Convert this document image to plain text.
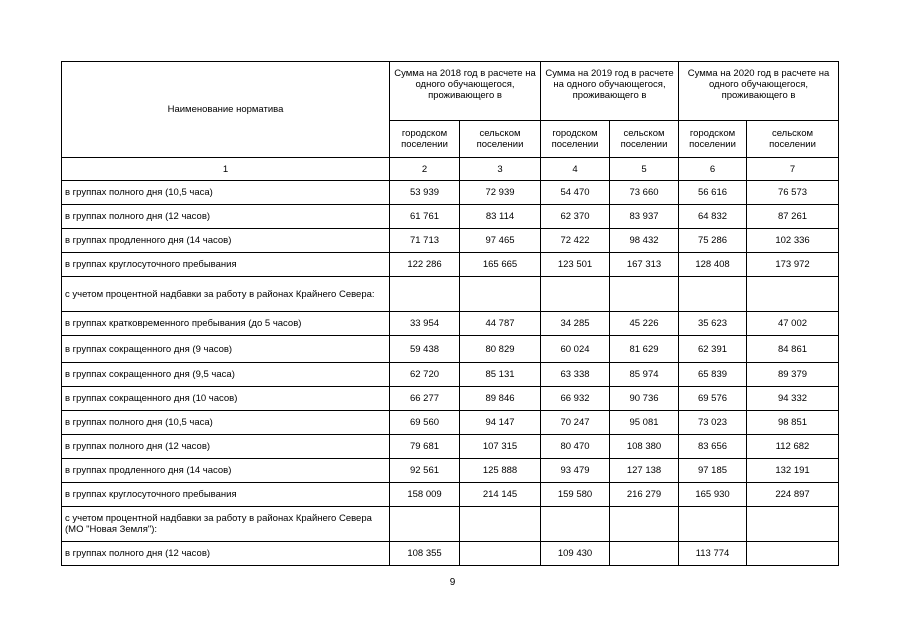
Наименование норматива	Сумма на 2018 год в расчете на одного обучающегося, проживающего в		Сумма на 2019 год в расчете на одного обучающегося, проживающего в		Сумма на 2020 год в расчете на одного обучающегося, проживающего в	
	городском поселении	сельском поселении	городском поселении	сельском поселении	городском поселении	сельском поселении
1	2	3	4	5	6	7
в группах полного дня (10,5 часа)	53 939	72 939	54 470	73 660	56 616	76 573
в группах полного дня (12 часов)	61 761	83 114	62 370	83 937	64 832	87 261
в группах продленного дня (14 часов)	71 713	97 465	72 422	98 432	75 286	102 336
в группах круглосуточного пребывания	122 286	165 665	123 501	167 313	128 408	173 972
с учетом процентной надбавки за работу в районах Крайнего Севера:						
в группах кратковременного пребывания (до 5 часов)	33 954	44 787	34 285	45 226	35 623	47 002
в группах сокращенного дня (9 часов)	59 438	80 829	60 024	81 629	62 391	84 861
в группах сокращенного дня (9,5 часа)	62 720	85 131	63 338	85 974	65 839	89 379
в группах сокращенного дня (10 часов)	66 277	89 846	66 932	90 736	69 576	94 332
в группах полного дня (10,5 часа)	69 560	94 147	70 247	95 081	73 023	98 851
в группах полного дня (12 часов)	79 681	107 315	80 470	108 380	83 656	112 682
в группах продленного дня (14 часов)	92 561	125 888	93 479	127 138	97 185	132 191
в группах круглосуточного пребывания	158 009	214 145	159 580	216 279	165 930	224 897
с учетом процентной надбавки за работу в районах Крайнего Севера (МО "Новая Земля"):						
в группах полного дня (12 часов)	108 355		109 430		113 774	
9
